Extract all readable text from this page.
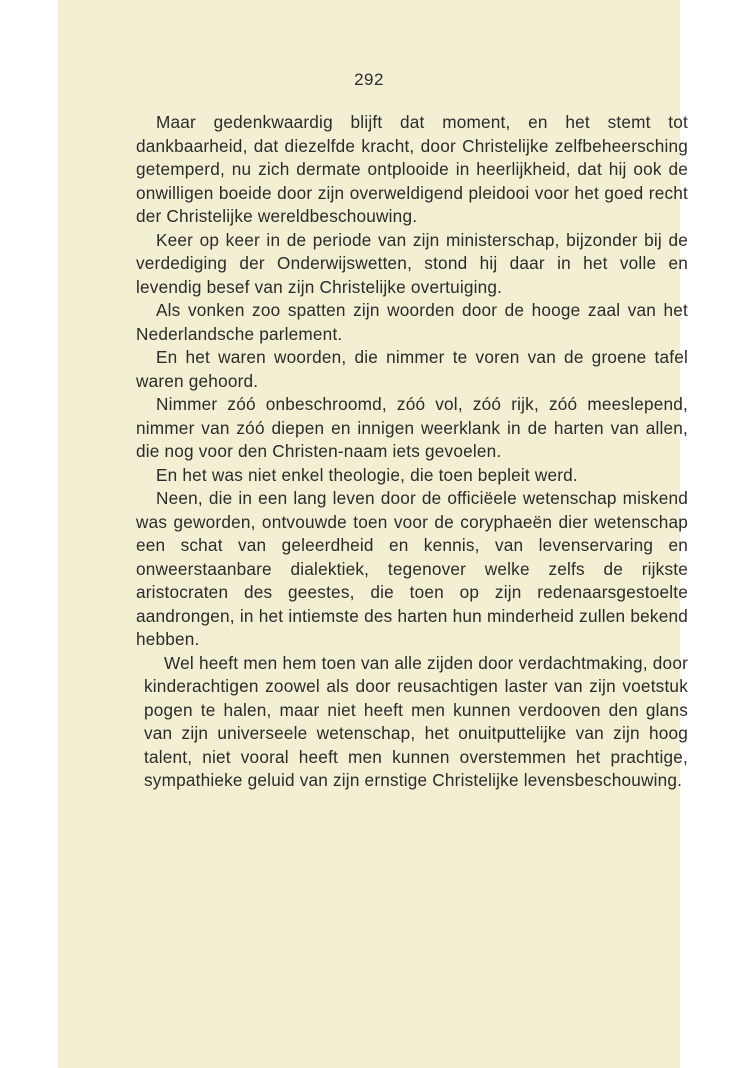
292

Maar gedenkwaardig blijft dat moment, en het stemt tot dankbaarheid, dat diezelfde kracht, door Christelijke zelfbeheersching getemperd, nu zich dermate ontplooide in heerlijkheid, dat hij ook de onwilligen boeide door zijn overweldigend pleidooi voor het goed recht der Christelijke wereldbeschouwing.

Keer op keer in de periode van zijn ministerschap, bijzonder bij de verdediging der Onderwijswetten, stond hij daar in het volle en levendig besef van zijn Christelijke overtuiging.

Als vonken zoo spatten zijn woorden door de hooge zaal van het Nederlandsche parlement.

En het waren woorden, die nimmer te voren van de groene tafel waren gehoord.

Nimmer zóó onbeschroomd, zóó vol, zóó rijk, zóó meeslepend, nimmer van zóó diepen en innigen weerklank in de harten van allen, die nog voor den Christen-naam iets gevoelen.

En het was niet enkel theologie, die toen bepleit werd.

Neen, die in een lang leven door de officiëele wetenschap miskend was geworden, ontvouwde toen voor de coryphaeën dier wetenschap een schat van geleerdheid en kennis, van levenservaring en onweerstaanbare dialektiek, tegenover welke zelfs de rijkste aristocraten des geestes, die toen op zijn redenaarsgestoelte aandrongen, in het intiemste des harten hun minderheid zullen bekend hebben.

Wel heeft men hem toen van alle zijden door verdachtmaking, door kinderachtigen zoowel als door reusachtigen laster van zijn voetstuk pogen te halen, maar niet heeft men kunnen verdooven den glans van zijn universeele wetenschap, het onuitputtelijke van zijn hoog talent, niet vooral heeft men kunnen overstemmen het prachtige, sympathieke geluid van zijn ernstige Christelijke levensbeschouwing.
